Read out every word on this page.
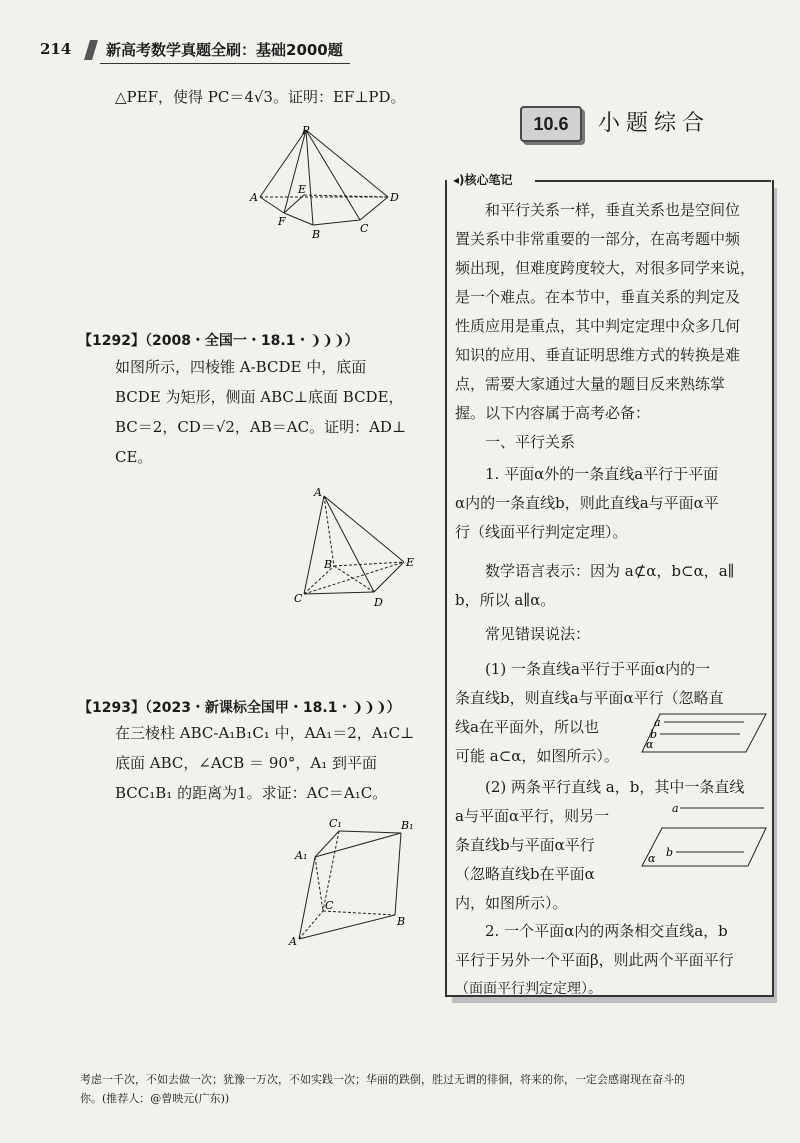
214 新高考数学真题全刷：基础2000题
△PEF，使得 PC＝4√3。证明：EF⊥PD。
P
A
E
F
B	C
D
【1292】（2008・全国一・18.1・❩❩❩）
如图所示，四棱锥 A-BCDE 中，底面
BCDE 为矩形，侧面 ABC⊥底面 BCDE，
BC＝2，CD＝√2，AB＝AC。证明：AD⊥
CE。
A
B	E
C	D
【1293】（2023・新课标全国甲・18.1・❩❩❩）
在三棱柱 ABC-A₁B₁C₁ 中，AA₁＝2，A₁C⊥
底面 ABC，∠ACB ＝ 90°，A₁ 到平面
BCC₁B₁ 的距离为1。求证：AC＝A₁C。
C₁	B₁
A₁
C
B
A
10.6	小题综合
◂)核心笔记
和平行关系一样，垂直关系也是空间位
置关系中非常重要的一部分，在高考题中频
频出现，但难度跨度较大，对很多同学来说，
是一个难点。在本节中，垂直关系的判定及
性质应用是重点，其中判定定理中众多几何
知识的应用、垂直证明思维方式的转换是难
点，需要大家通过大量的题目反来熟练掌
握。以下内容属于高考必备：
一、平行关系
1. 平面α外的一条直线a平行于平面
α内的一条直线b，则此直线a与平面α平
行（线面平行判定定理）。
数学语言表示：因为 a⊄α，b⊂α，a∥
b，所以 a∥α。
常见错误说法：
(1) 一条直线a平行于平面α内的一
条直线b，则直线a与平面α平行（忽略直
线a在平面外，所以也
可能 a⊂α，如图所示）。
a
b
α
(2) 两条平行直线 a，b，其中一条直线
a与平面α平行，则另一
条直线b与平面α平行
（忽略直线b在平面α
内，如图所示）。
a
b
α
2. 一个平面α内的两条相交直线a，b
平行于另外一个平面β，则此两个平面平行
（面面平行判定定理）。
考虑一千次，不如去做一次；犹豫一万次，不如实践一次；华丽的跌倒，胜过无谓的徘徊，将来的你，一定会感谢现在奋斗的
你。(推荐人：@曾映元(广东))
